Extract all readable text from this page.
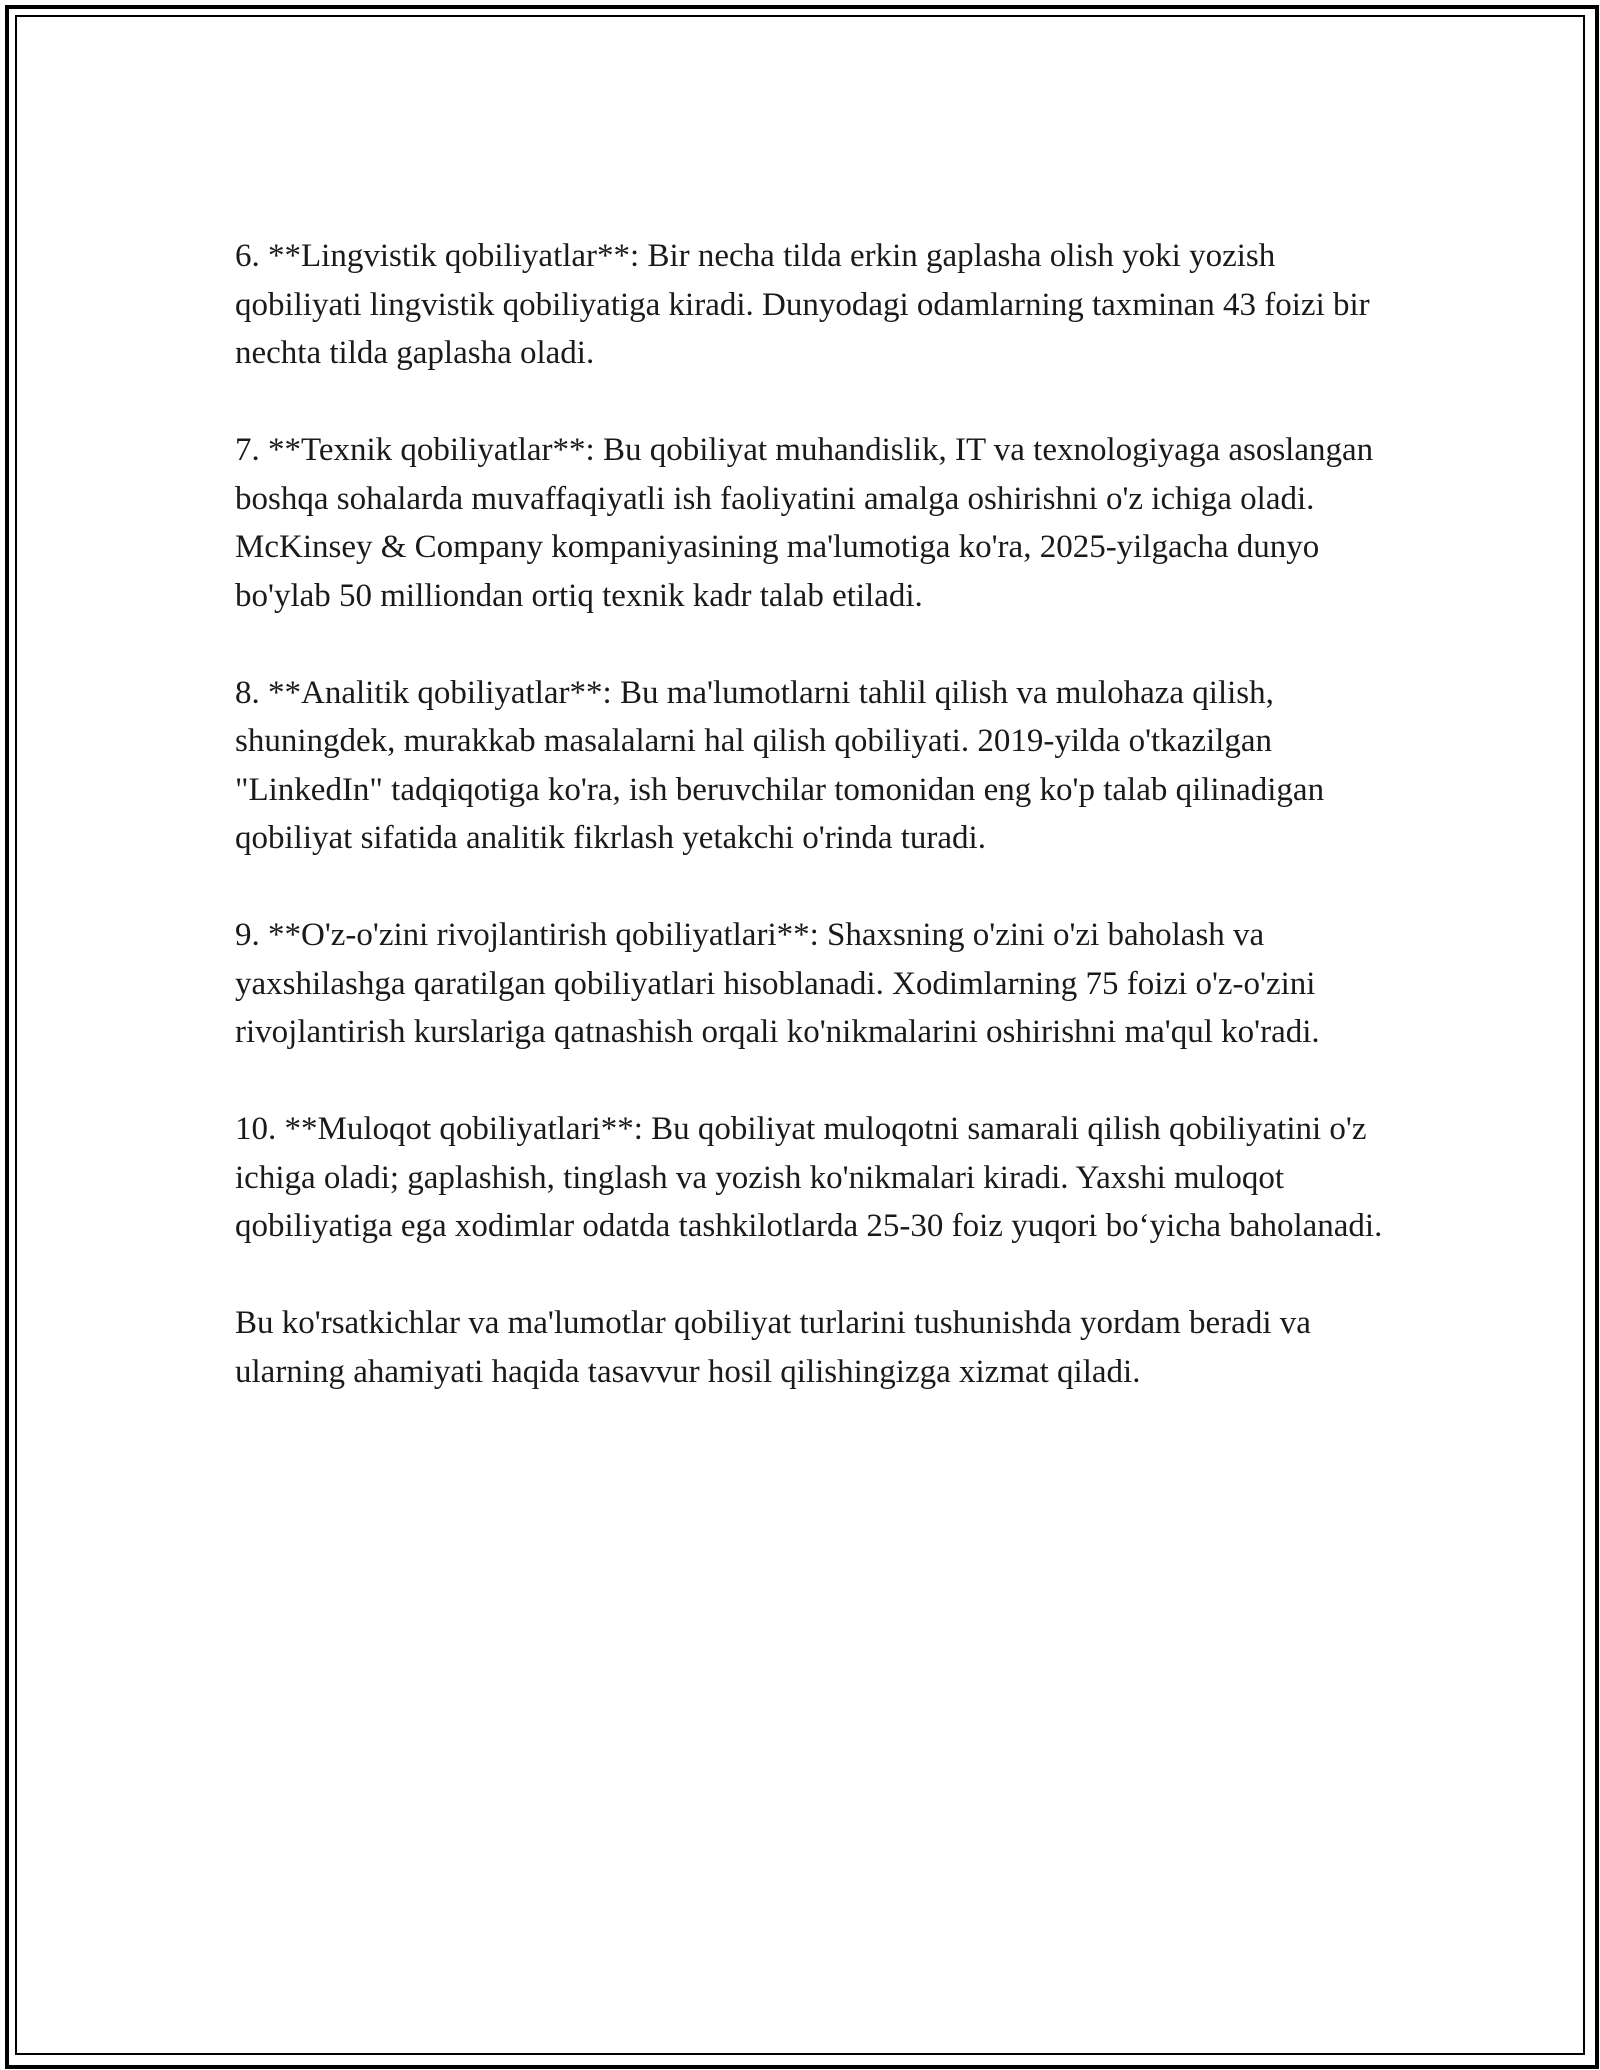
6. **Lingvistik qobiliyatlar**: Bir necha tilda erkin gaplasha olish yoki yozish qobiliyati lingvistik qobiliyatiga kiradi. Dunyodagi odamlarning taxminan 43 foizi bir nechta tilda gaplasha oladi.

7. **Texnik qobiliyatlar**: Bu qobiliyat muhandislik, IT va texnologiyaga asoslangan boshqa sohalarda muvaffaqiyatli ish faoliyatini amalga oshirishni o'z ichiga oladi. McKinsey & Company kompaniyasining ma'lumotiga ko'ra, 2025-yilgacha dunyo bo'ylab 50 milliondan ortiq texnik kadr talab etiladi.

8. **Analitik qobiliyatlar**: Bu ma'lumotlarni tahlil qilish va mulohaza qilish, shuningdek, murakkab masalalarni hal qilish qobiliyati. 2019-yilda o'tkazilgan "LinkedIn" tadqiqotiga ko'ra, ish beruvchilar tomonidan eng ko'p talab qilinadigan qobiliyat sifatida analitik fikrlash yetakchi o'rinda turadi.

9. **O'z-o'zini rivojlantirish qobiliyatlari**: Shaxsning o'zini o'zi baholash va yaxshilashga qaratilgan qobiliyatlari hisoblanadi. Xodimlarning 75 foizi o'z-o'zini rivojlantirish kurslariga qatnashish orqali ko'nikmalarini oshirishni ma'qul ko'radi.

10. **Muloqot qobiliyatlari**: Bu qobiliyat muloqotni samarali qilish qobiliyatini o'z ichiga oladi; gaplashish, tinglash va yozish ko'nikmalari kiradi. Yaxshi muloqot qobiliyatiga ega xodimlar odatda tashkilotlarda 25-30 foiz yuqori bo‘yicha baholanadi.

Bu ko'rsatkichlar va ma'lumotlar qobiliyat turlarini tushunishda yordam beradi va ularning ahamiyati haqida tasavvur hosil qilishingizga xizmat qiladi.
